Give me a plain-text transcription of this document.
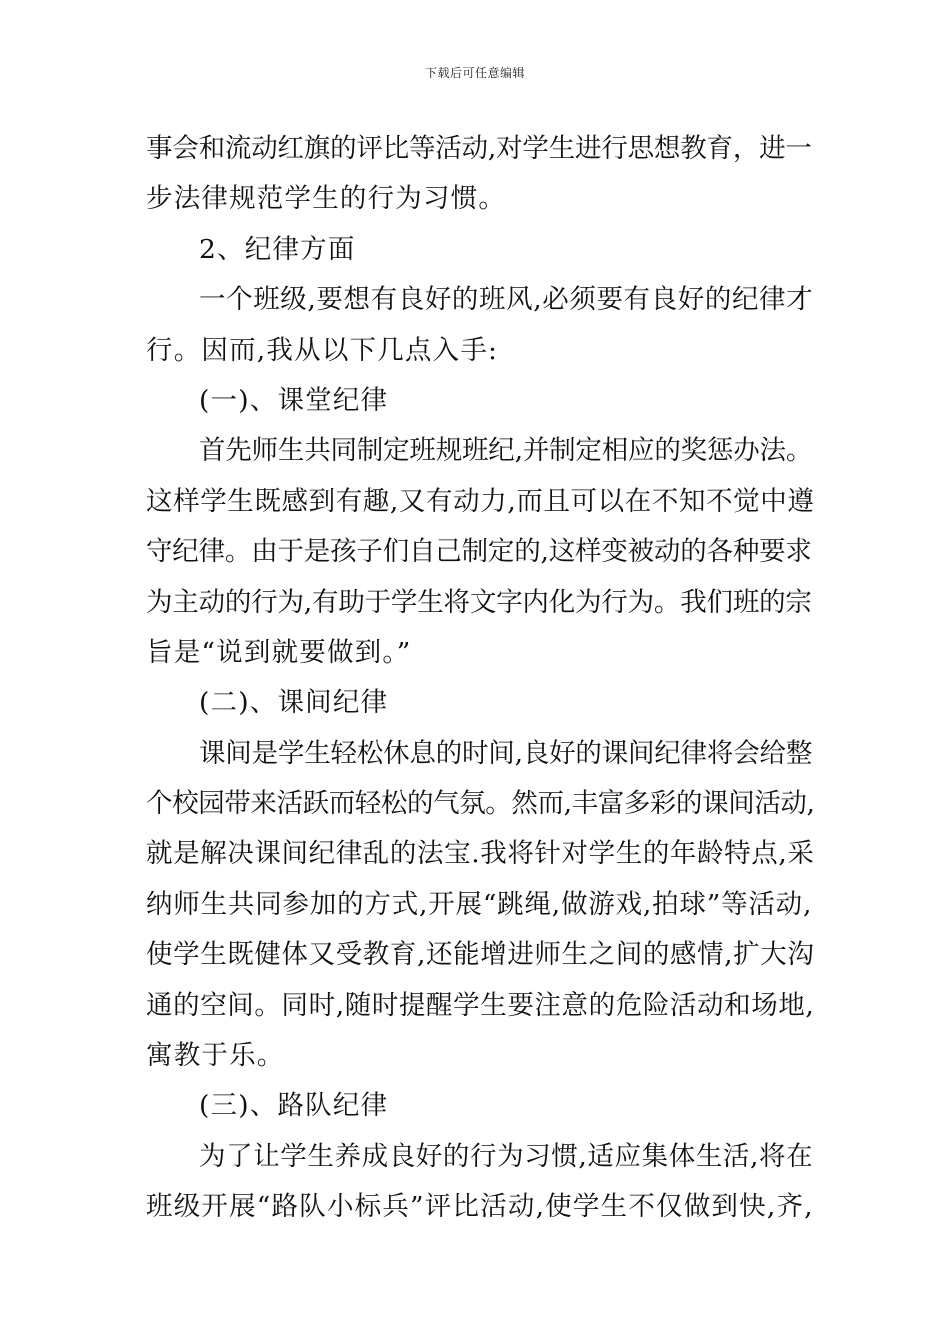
下载后可任意编辑
事会和流动红旗的评比等活动,对学生进行思想教育，进一
步法律规范学生的行为习惯。
2、纪律方面
一个班级,要想有良好的班风,必须要有良好的纪律才
行。因而,我从以下几点入手:
(一)、课堂纪律
首先师生共同制定班规班纪,并制定相应的奖惩办法。
这样学生既感到有趣,又有动力,而且可以在不知不觉中遵
守纪律。由于是孩子们自己制定的,这样变被动的各种要求
为主动的行为,有助于学生将文字内化为行为。我们班的宗
旨是“说到就要做到。”
(二)、课间纪律
课间是学生轻松休息的时间,良好的课间纪律将会给整
个校园带来活跃而轻松的气氛。然而,丰富多彩的课间活动,
就是解决课间纪律乱的法宝.我将针对学生的年龄特点,采
纳师生共同参加的方式,开展“跳绳,做游戏,拍球”等活动,
使学生既健体又受教育,还能增进师生之间的感情,扩大沟
通的空间。同时,随时提醒学生要注意的危险活动和场地,
寓教于乐。
(三)、路队纪律
为了让学生养成良好的行为习惯,适应集体生活,将在
班级开展“路队小标兵”评比活动,使学生不仅做到快,齐,
